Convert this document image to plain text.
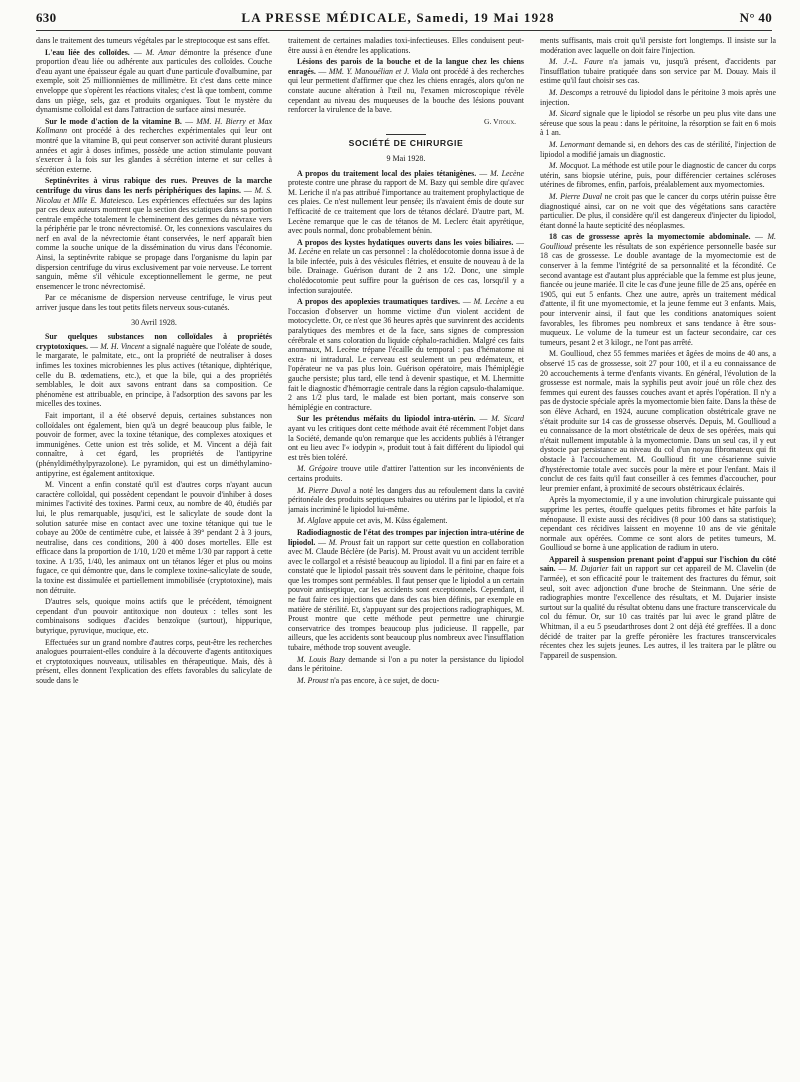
630	LA PRESSE MÉDICALE, Samedi, 19 Mai 1928	N° 40

dans le traitement des tumeurs végétales par le streptocoque est sans effet.

L'eau liée des colloïdes. — M. Amar démontre la présence d'une proportion d'eau liée ou adhérente aux particules des colloïdes. Couche d'eau ayant une épaisseur égale au quart d'une particule d'ovalbumine, par exemple, soit 25 millionnièmes de millimètre. Et c'est dans cette mince enveloppe que s'opèrent les réactions vitales; c'est là que tombent, comme dans un piège, sels, gaz et produits organiques. Tout le mystère du dynamisme colloïdal est dans l'attraction de surface ainsi mesurée.

Sur le mode d'action de la vitamine B. — MM. H. Bierry et Max Kollmann ont procédé à des recherches expérimentales qui leur ont montré que la vitamine B, qui peut conserver son activité durant plusieurs années et agir à doses infimes, possède une action stimulante pouvant s'exercer à la fois sur les glandes à sécrétion interne et sur celles à sécrétion externe.

Septinévrites à virus rabique des rues. Preuves de la marche centrifuge du virus dans les nerfs périphériques des lapins. — M. S. Nicolau et Mlle E. Mateiesco. Les expériences effectuées sur des lapins par ces deux auteurs montrent que la section des sciatiques dans sa portion centrale empêche totalement le cheminement des germes du névraxe vers la périphérie par le tronc névrectomisé. Or, les connexions vasculaires du nerf en aval de la névrectomie étant conservées, le nerf apparaît bien comme la souche unique de la dissémination du virus dans l'économie. Ainsi, la septinévrite rabique se propage dans l'organisme du lapin par dispersion centrifuge du virus exclusivement par voie nerveuse. Le torrent sanguin, même s'il véhicule exceptionnellement le germe, ne peut ensemencer le tronc névrectomisé.

Par ce mécanisme de dispersion nerveuse centrifuge, le virus peut arriver jusque dans les tout petits filets nerveux sous-cutanés.

30 Avril 1928.

Sur quelques substances non colloïdales à propriétés cryptotoxiques. — M. H. Vincent a signalé naguère que l'oléate de soude, le margarate, le palmitate, etc., ont la propriété de neutraliser à doses infimes les toxines microbiennes les plus actives (tétanique, diphtérique, celle du B. œdematiens, etc.), et que la bile, qui a des propriétés semblables, le doit aux savons entrant dans sa composition. Ce phénomène est attribuable, en principe, à l'adsorption des savons par les micelles des toxines.

Fait important, il a été observé depuis, certaines substances non colloïdales ont également, bien qu'à un degré beaucoup plus faible, le pouvoir de former, avec la toxine tétanique, des complexes atoxiques et immunigènes. Cette union est très solide, et M. Vincent a déjà fait connaître, à cet égard, les propriétés de l'antipyrine (phényldiméthylpyrazolone). Le pyramidon, qui est un diméthylamino-antipyrine, est également antitoxique.

M. Vincent a enfin constaté qu'il est d'autres corps n'ayant aucun caractère colloïdal, qui possèdent cependant le pouvoir d'inhiber à doses minimes l'activité des toxines. Parmi ceux, au nombre de 40, étudiés par lui, le plus remarquable, jusqu'ici, est le salicylate de soude dont la solution saturée mise en contact avec une toxine tétanique qui tue le cobaye au 200e de centimètre cube, et laissée à 39° pendant 2 à 3 jours, neutralise, dans ces conditions, 200 à 400 doses mortelles. Elle est efficace dans la proportion de 1/10, 1/20 et même 1/30 par rapport à cette toxine. A 1/35, 1/40, les animaux ont un tétanos léger et plus ou moins fugace, ce qui démontre que, dans le complexe toxine-salicylate de soude, la toxine est dissimulée et partiellement immobilisée (cryptotoxine), mais non détruite.

D'autres sels, quoique moins actifs que le précédent, témoignent cependant d'un pouvoir antitoxique non douteux : telles sont les combinaisons sodiques d'acides benzoïque (surtout), hippurique, butyrique, pyruvique, mucique, etc.

Effectuées sur un grand nombre d'autres corps, peut-être les recherches analogues pourraient-elles conduire à la découverte d'agents antitoxiques et cryptotoxiques nouveaux, utilisables en thérapeutique. Mais, dès à présent, elles donnent l'explication des effets favorables du salicylate de soude dans le

traitement de certaines maladies toxi-infectieuses. Elles conduisent peut-être aussi à en étendre les applications.

Lésions des parois de la bouche et de la langue chez les chiens enragés. — MM. Y. Manouélian et J. Viala ont procédé à des recherches qui leur permettent d'affirmer que chez les chiens enragés, alors qu'on ne constate aucune altération à l'œil nu, l'examen microscopique révèle cependant au niveau des muqueuses de la bouche des lésions pouvant renforcer la virulence de la bave.

G. Vitoux.
SOCIÉTÉ DE CHIRURGIE
9 Mai 1928.

A propos du traitement local des plaies tétanigènes. — M. Lecène proteste contre une phrase du rapport de M. Bazy qui semble dire qu'avec M. Leriche il n'a pas attribué l'importance au traitement prophylactique de ces plaies. Ce n'est nullement leur pensée; ils n'avaient émis de doute sur l'efficacité de ce traitement que lors de tétanos déclaré. D'autre part, M. Lecène remarque que le cas de tétanos de M. Leclerc était apyrétique, avec pouls normal, donc probablement bénin.

A propos des kystes hydatiques ouverts dans les voies biliaires. — M. Lecène en relate un cas personnel : la cholédocotomie donna issue à de la bile infectée, puis à des vésicules flétries, et ensuite de nouveau à de la bile. Drainage. Guérison durant de 2 ans 1/2. Donc, une simple cholédocotomie peut suffire pour la guérison de ces cas, lorsqu'il y a infection surajoutée.

A propos des apoplexies traumatiques tardives. — M. Lecène a eu l'occasion d'observer un homme victime d'un violent accident de motocyclette. Or, ce n'est que 36 heures après que survinrent des accidents paralytiques des membres et de la face, sans signes de compression cérébrale et sans coloration du liquide céphalo-rachidien. Malgré ces faits anormaux, M. Lecène trépane l'écaille du temporal : pas d'hématome ni extra- ni intradural. Le cerveau est seulement un peu œdémateux, et l'opérateur ne va pas plus loin. Guérison opératoire, mais l'hémiplégie gauche persiste; plus tard, elle tend à devenir spastique, et M. Lhermitte fait le diagnostic d'hémorragie centrale dans la région capsulo-thalamique. 2 ans 1/2 plus tard, le malade est bien portant, mais conserve son hémiplégie en contracture.

Sur les prétendus méfaits du lipiodol intra-utérin. — M. Sicard ayant vu les critiques dont cette méthode avait été récemment l'objet dans la Société, demande qu'on remarque que les accidents publiés à l'étranger ont eu lieu avec l'« iodypin », produit tout à fait différent du lipiodol qui est très bien toléré.

M. Grégoire trouve utile d'attirer l'attention sur les inconvénients de certains produits.

M. Pierre Duval a noté les dangers dus au refoulement dans la cavité péritonéale des produits septiques tubaires ou utérins par le lipiodol, et n'a jamais incriminé le lipiodol lui-même.

M. Alglave appuie cet avis, M. Küss également.

Radiodiagnostic de l'état des trompes par injection intra-utérine de lipiodol. — M. Proust fait un rapport sur cette question en collaboration avec M. Claude Béclère (de Paris). M. Proust avait vu un accident terrible avec le collargol et a résisté beaucoup au lipiodol. Il a fini par en faire et a constaté que le lipiodol passait très souvent dans le péritoine, chaque fois que les trompes sont perméables. Il faut penser que le lipiodol a un certain pouvoir antiseptique, car les accidents sont exceptionnels. Cependant, il ne faut faire ces injections que dans des cas bien définis, par exemple en matière de stérilité. Et, s'appuyant sur des projections radiographiques, M. Proust montre que cette méthode peut permettre une chirurgie conservatrice des trompes beaucoup plus judicieuse. Il rappelle, par ailleurs, que les accidents sont beaucoup plus nombreux avec l'insufflation tubaire, méthode trop souvent aveugle.

M. Louis Bazy demande si l'on a pu noter la persistance du lipiodol dans le péritoine.

M. Proust n'a pas encore, à ce sujet, de docu-

ments suffisants, mais croit qu'il persiste fort longtemps. Il insiste sur la modération avec laquelle on doit faire l'injection.

M. J.-L. Faure n'a jamais vu, jusqu'à présent, d'accidents par l'insufflation tubaire pratiquée dans son service par M. Douay. Mais il estime qu'il faut choisir ses cas.

M. Descomps a retrouvé du lipiodol dans le péritoine 3 mois après une injection.

M. Sicard signale que le lipiodol se résorbe un peu plus vite dans une séreuse que sous la peau : dans le péritoine, la résorption se fait en 6 mois à 1 an.

M. Lenormant demande si, en dehors des cas de stérilité, l'injection de lipiodol a modifié jamais un diagnostic.

M. Mocquot. La méthode est utile pour le diagnostic de cancer du corps utérin, sans biopsie utérine, puis, pour différencier certaines scléroses utérines de fibromes, enfin, parfois, préalablement aux myomectomies.

M. Pierre Duval ne croit pas que le cancer du corps utérin puisse être diagnostiqué ainsi, car on ne voit que des végétations sans caractère particulier. De plus, il considère qu'il est dangereux d'injecter du lipiodol, étant donné la haute septicité des néoplasmes.

18 cas de grossesse après la myomectomie abdominale. — M. Goullioud présente les résultats de son expérience personnelle basée sur 18 cas de grossesse. Le double avantage de la myomectomie est de conserver à la femme l'intégrité de sa personnalité et la fécondité. Ce second avantage est d'autant plus appréciable que la femme est plus jeune, fiancée ou jeune mariée. Il cite le cas d'une jeune fille de 25 ans, opérée en 1905, qui eut 5 enfants. Chez une autre, après un traitement médical d'attente, il fit une myomectomie, et la jeune femme eut 3 enfants. Mais, pour intervenir ainsi, il faut que les conditions anatomiques soient favorables, les fibromes peu nombreux et sans tendance à être sous-muqueux. Le volume de la tumeur est un facteur secondaire, car ces tumeurs, pesant 2 et 3 kilogr., ne l'ont pas arrêté.

M. Goullioud, chez 55 femmes mariées et âgées de moins de 40 ans, a observé 15 cas de grossesse, soit 27 pour 100, et il a eu connaissance de 20 accouchements à terme d'enfants vivants. En général, l'évolution de la grossesse est normale, mais la syphilis peut avoir joué un rôle chez des femmes qui eurent des fausses couches avant et après l'opération. Il n'y a pas de dystocie spéciale après la myomectomie bien faite. Dans la thèse de son élève Achard, en 1924, aucune complication obstétricale grave ne s'était produite sur 14 cas de grossesse observés. Depuis, M. Goullioud a eu connaissance de la mort obstétricale de deux de ses opérées, mais qui n'était nullement imputable à la myomectomie. Dans un seul cas, il y eut dystocie par persistance au niveau du col d'un noyau fibromateux qui fit obstacle à l'accouchement. M. Goullioud fit une césarienne suivie d'hystérectomie totale avec succès pour la mère et pour l'enfant. Mais il conclut de ces faits qu'il faut conseiller à ces femmes d'accoucher, pour leur premier enfant, à proximité de secours obstétricaux éclairés.

Après la myomectomie, il y a une involution chirurgicale puissante qui supprime les pertes, étouffe quelques petits fibromes et hâte parfois la ménopause. Il existe aussi des récidives (8 pour 100 dans sa statistique); cependant ces récidives laissent en moyenne 10 ans de vie génitale normale aux opérées. Comme ce sont alors de petites tumeurs, M. Goullioud se borne à une application de radium in utero.

Appareil à suspension prenant point d'appui sur l'ischion du côté sain. — M. Dujarier fait un rapport sur cet appareil de M. Clavelin (de l'armée), et son efficacité pour le traitement des fractures du fémur, soit seul, soit avec adjonction d'une broche de Steinmann. Une série de radiographies montre l'excellence des résultats, et M. Dujarier insiste surtout sur la qualité du résultat obtenu dans une fracture transcervicale du col du fémur. Or, sur 10 cas traités par lui avec le grand plâtre de Whitman, il a eu 5 pseudarthroses dont 2 ont déjà été greffées. Il a donc décidé de traiter par la greffe péronière les fractures transcervicales récentes chez les sujets jeunes. Les autres, il les traitera par le plâtre ou l'appareil de suspension.
